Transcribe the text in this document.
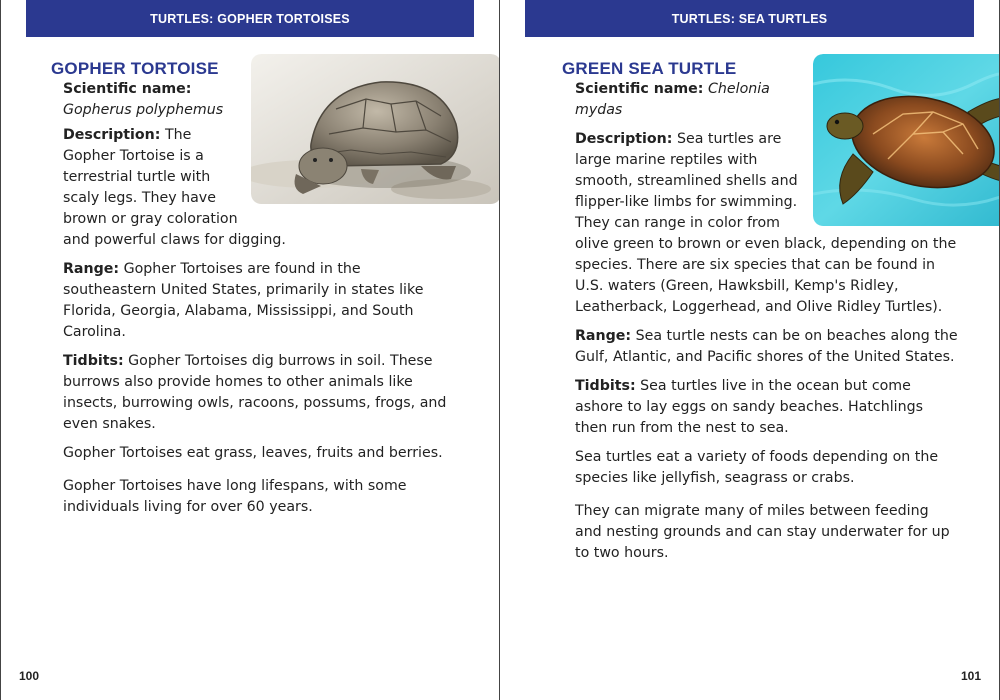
TURTLES: GOPHER TORTOISES
GOPHER TORTOISE

Scientific name: Gopherus polyphemus

Description: The Gopher Tortoise is a terrestrial turtle with scaly legs. They have brown or gray coloration and powerful claws for digging.

Range: Gopher Tortoises are found in the southeastern United States, primarily in states like Florida, Georgia, Alabama, Mississippi, and South Carolina.

Tidbits: Gopher Tortoises dig burrows in soil. These burrows also provide homes to other animals like insects, burrowing owls, racoons, possums, frogs, and even snakes.

Gopher Tortoises eat grass, leaves, fruits and berries.

Gopher Tortoises have long lifespans, with some individuals living for over 60 years.

100
TURTLES: SEA TURTLES
GREEN SEA TURTLE

Scientific name: Chelonia mydas

Description: Sea turtles are large marine reptiles with smooth, streamlined shells and flipper-like limbs for swimming. They can range in color from olive green to brown or even black, depending on the species. There are six species that can be found in U.S. waters (Green, Hawksbill, Kemp's Ridley, Leatherback, Loggerhead, and Olive Ridley Turtles).

Range: Sea turtle nests can be on beaches along the Gulf, Atlantic, and Pacific shores of the United States.

Tidbits: Sea turtles live in the ocean but come ashore to lay eggs on sandy beaches. Hatchlings then run from the nest to sea.

Sea turtles eat a variety of foods depending on the species like jellyfish, seagrass or crabs.

They can migrate many of miles between feeding and nesting grounds and can stay underwater for up to two hours.

101
